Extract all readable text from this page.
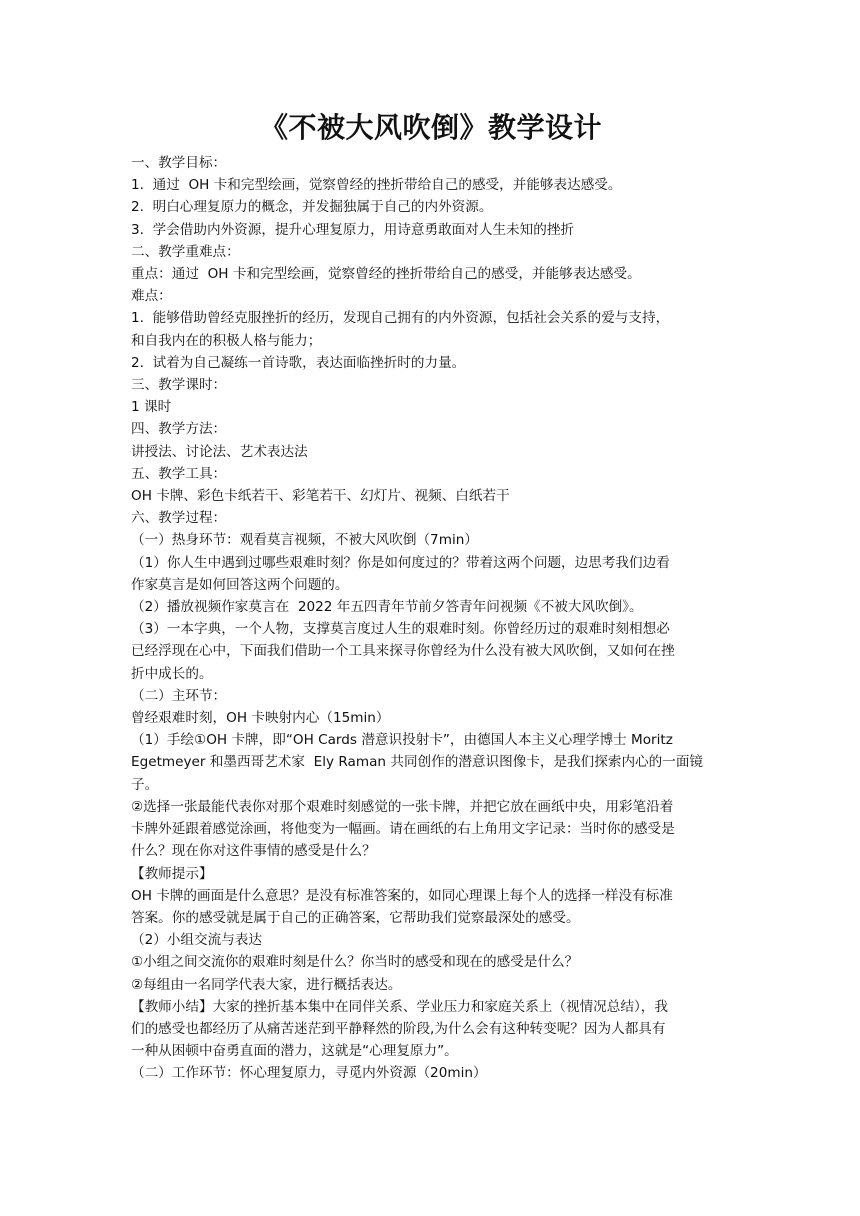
《不被大风吹倒》教学设计
一、教学目标：
1.  通过  OH 卡和完型绘画，觉察曾经的挫折带给自己的感受，并能够表达感受。
2.  明白心理复原力的概念，并发掘独属于自己的内外资源。
3.  学会借助内外资源，提升心理复原力，用诗意勇敢面对人生未知的挫折
二、教学重难点：
重点：通过  OH 卡和完型绘画，觉察曾经的挫折带给自己的感受，并能够表达感受。
难点：
1.  能够借助曾经克服挫折的经历，发现自己拥有的内外资源，包括社会关系的爱与支持，
和自我内在的积极人格与能力；
2.  试着为自己凝练一首诗歌，表达面临挫折时的力量。
三、教学课时：
1 课时
四、教学方法：
讲授法、讨论法、艺术表达法
五、教学工具：
OH 卡牌、彩色卡纸若干、彩笔若干、幻灯片、视频、白纸若干
六、教学过程：
（一）热身环节：观看莫言视频，不被大风吹倒（7min）
（1）你人生中遇到过哪些艰难时刻？你是如何度过的？带着这两个问题，边思考我们边看
作家莫言是如何回答这两个问题的。
（2）播放视频作家莫言在  2022 年五四青年节前夕答青年问视频《不被大风吹倒》。
（3）一本字典，一个人物，支撑莫言度过人生的艰难时刻。你曾经历过的艰难时刻相想必
已经浮现在心中，下面我们借助一个工具来探寻你曾经为什么没有被大风吹倒，又如何在挫
折中成长的。
（二）主环节：
曾经艰难时刻，OH 卡映射内心（15min）
（1）手绘①OH 卡牌，即“OH Cards 潜意识投射卡”，由德国人本主义心理学博士 Moritz
Egetmeyer 和墨西哥艺术家  Ely Raman 共同创作的潜意识图像卡，是我们探索内心的一面镜
子。
②选择一张最能代表你对那个艰难时刻感觉的一张卡牌，并把它放在画纸中央，用彩笔沿着
卡牌外延跟着感觉涂画，将他变为一幅画。请在画纸的右上角用文字记录：当时你的感受是
什么？现在你对这件事情的感受是什么？
【教师提示】
OH 卡牌的画面是什么意思？是没有标准答案的，如同心理课上每个人的选择一样没有标准
答案。你的感受就是属于自己的正确答案，它帮助我们觉察最深处的感受。
（2）小组交流与表达
①小组之间交流你的艰难时刻是什么？你当时的感受和现在的感受是什么？
②每组由一名同学代表大家，进行概括表达。
【教师小结】大家的挫折基本集中在同伴关系、学业压力和家庭关系上（视情况总结），我
们的感受也都经历了从痛苦迷茫到平静释然的阶段,为什么会有这种转变呢？因为人都具有
一种从困顿中奋勇直面的潜力，这就是“心理复原力”。
（二）工作环节：怀心理复原力，寻觅内外资源（20min）
